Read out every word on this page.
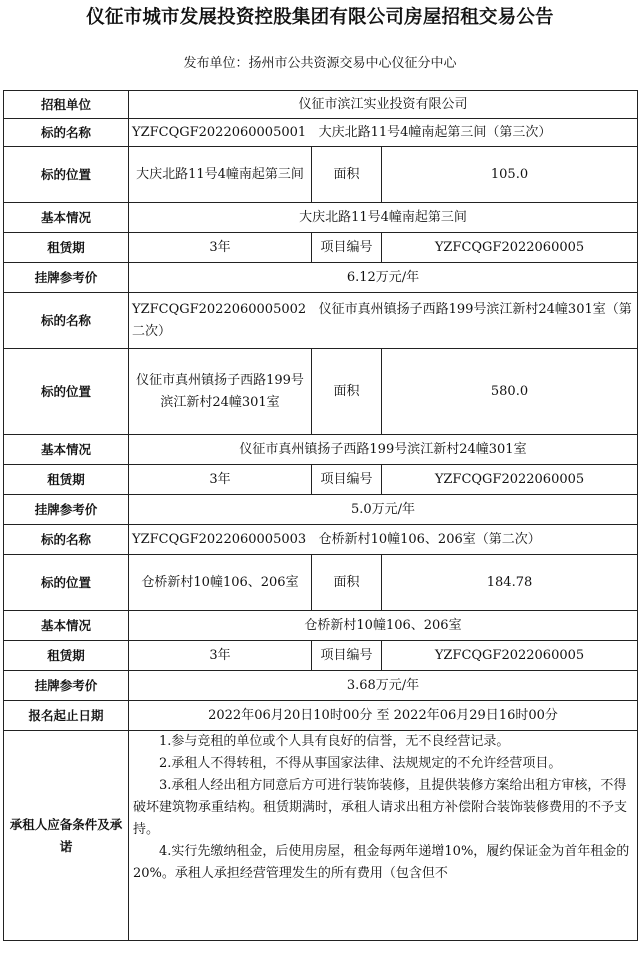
仪征市城市发展投资控股集团有限公司房屋招租交易公告
发布单位：扬州市公共资源交易中心仪征分中心
招租单位	仪征市滨江实业投资有限公司		
标的名称	YZFCQGF2022060005001 大庆北路11号4幢南起第三间（第三次）		
标的位置	大庆北路11号4幢南起第三间	面积	105.0
基本情况	大庆北路11号4幢南起第三间		
租赁期	3年	项目编号	YZFCQGF2022060005
挂牌参考价	6.12万元/年		
标的名称	YZFCQGF2022060005002 仪征市真州镇扬子西路199号滨江新村24幢301室（第二次）		
标的位置	仪征市真州镇扬子西路199号滨江新村24幢301室	面积	580.0
基本情况	仪征市真州镇扬子西路199号滨江新村24幢301室		
租赁期	3年	项目编号	YZFCQGF2022060005
挂牌参考价	5.0万元/年		
标的名称	YZFCQGF2022060005003 仓桥新村10幢106、206室（第二次）		
标的位置	仓桥新村10幢106、206室	面积	184.78
基本情况	仓桥新村10幢106、206室		
租赁期	3年	项目编号	YZFCQGF2022060005
挂牌参考价	3.68万元/年		
报名起止日期	2022年06月20日10时00分 至 2022年06月29日16时00分		
承租人应备条件及承诺	1.参与竞租的单位或个人具有良好的信誉，无不良经营记录。

2.承租人不得转租，不得从事国家法律、法规规定的不允许经营项目。

3.承租人经出租方同意后方可进行装饰装修，且提供装修方案给出租方审核，不得破坏建筑物承重结构。租赁期满时，承租人请求出租方补偿附合装饰装修费用的不予支持。

4.实行先缴纳租金，后使用房屋，租金每两年递增10%，履约保证金为首年租金的20%。承租人承担经营管理发生的所有费用（包含但不		
